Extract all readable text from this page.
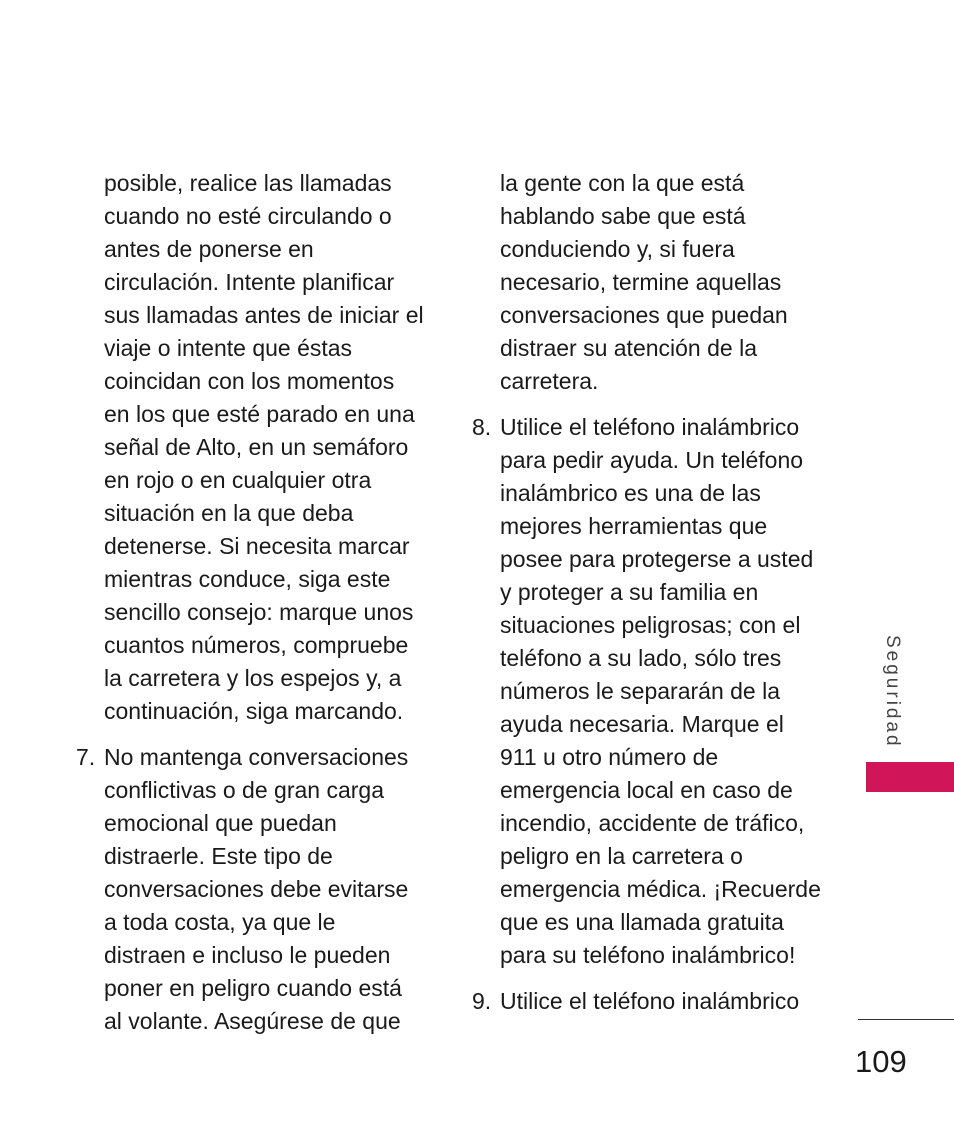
posible, realice las llamadas
cuando no esté circulando o
antes de ponerse en
circulación. Intente planificar
sus llamadas antes de iniciar el
viaje o intente que éstas
coincidan con los momentos
en los que esté parado en una
señal de Alto, en un semáforo
en rojo o en cualquier otra
situación en la que deba
detenerse. Si necesita marcar
mientras conduce, siga este
sencillo consejo: marque unos
cuantos números, compruebe
la carretera y los espejos y, a
continuación, siga marcando.
7. No mantenga conversaciones
conflictivas o de gran carga
emocional que puedan
distraerle. Este tipo de
conversaciones debe evitarse
a toda costa, ya que le
distraen e incluso le pueden
poner en peligro cuando está
al volante. Asegúrese de que
la gente con la que está
hablando sabe que está
conduciendo y, si fuera
necesario, termine aquellas
conversaciones que puedan
distraer su atención de la
carretera.
8. Utilice el teléfono inalámbrico
para pedir ayuda. Un teléfono
inalámbrico es una de las
mejores herramientas que
posee para protegerse a usted
y proteger a su familia en
situaciones peligrosas; con el
teléfono a su lado, sólo tres
números le separarán de la
ayuda necesaria. Marque el
911 u otro número de
emergencia local en caso de
incendio, accidente de tráfico,
peligro en la carretera o
emergencia médica. ¡Recuerde
que es una llamada gratuita
para su teléfono inalámbrico!
9. Utilice el teléfono inalámbrico
Seguridad
109
